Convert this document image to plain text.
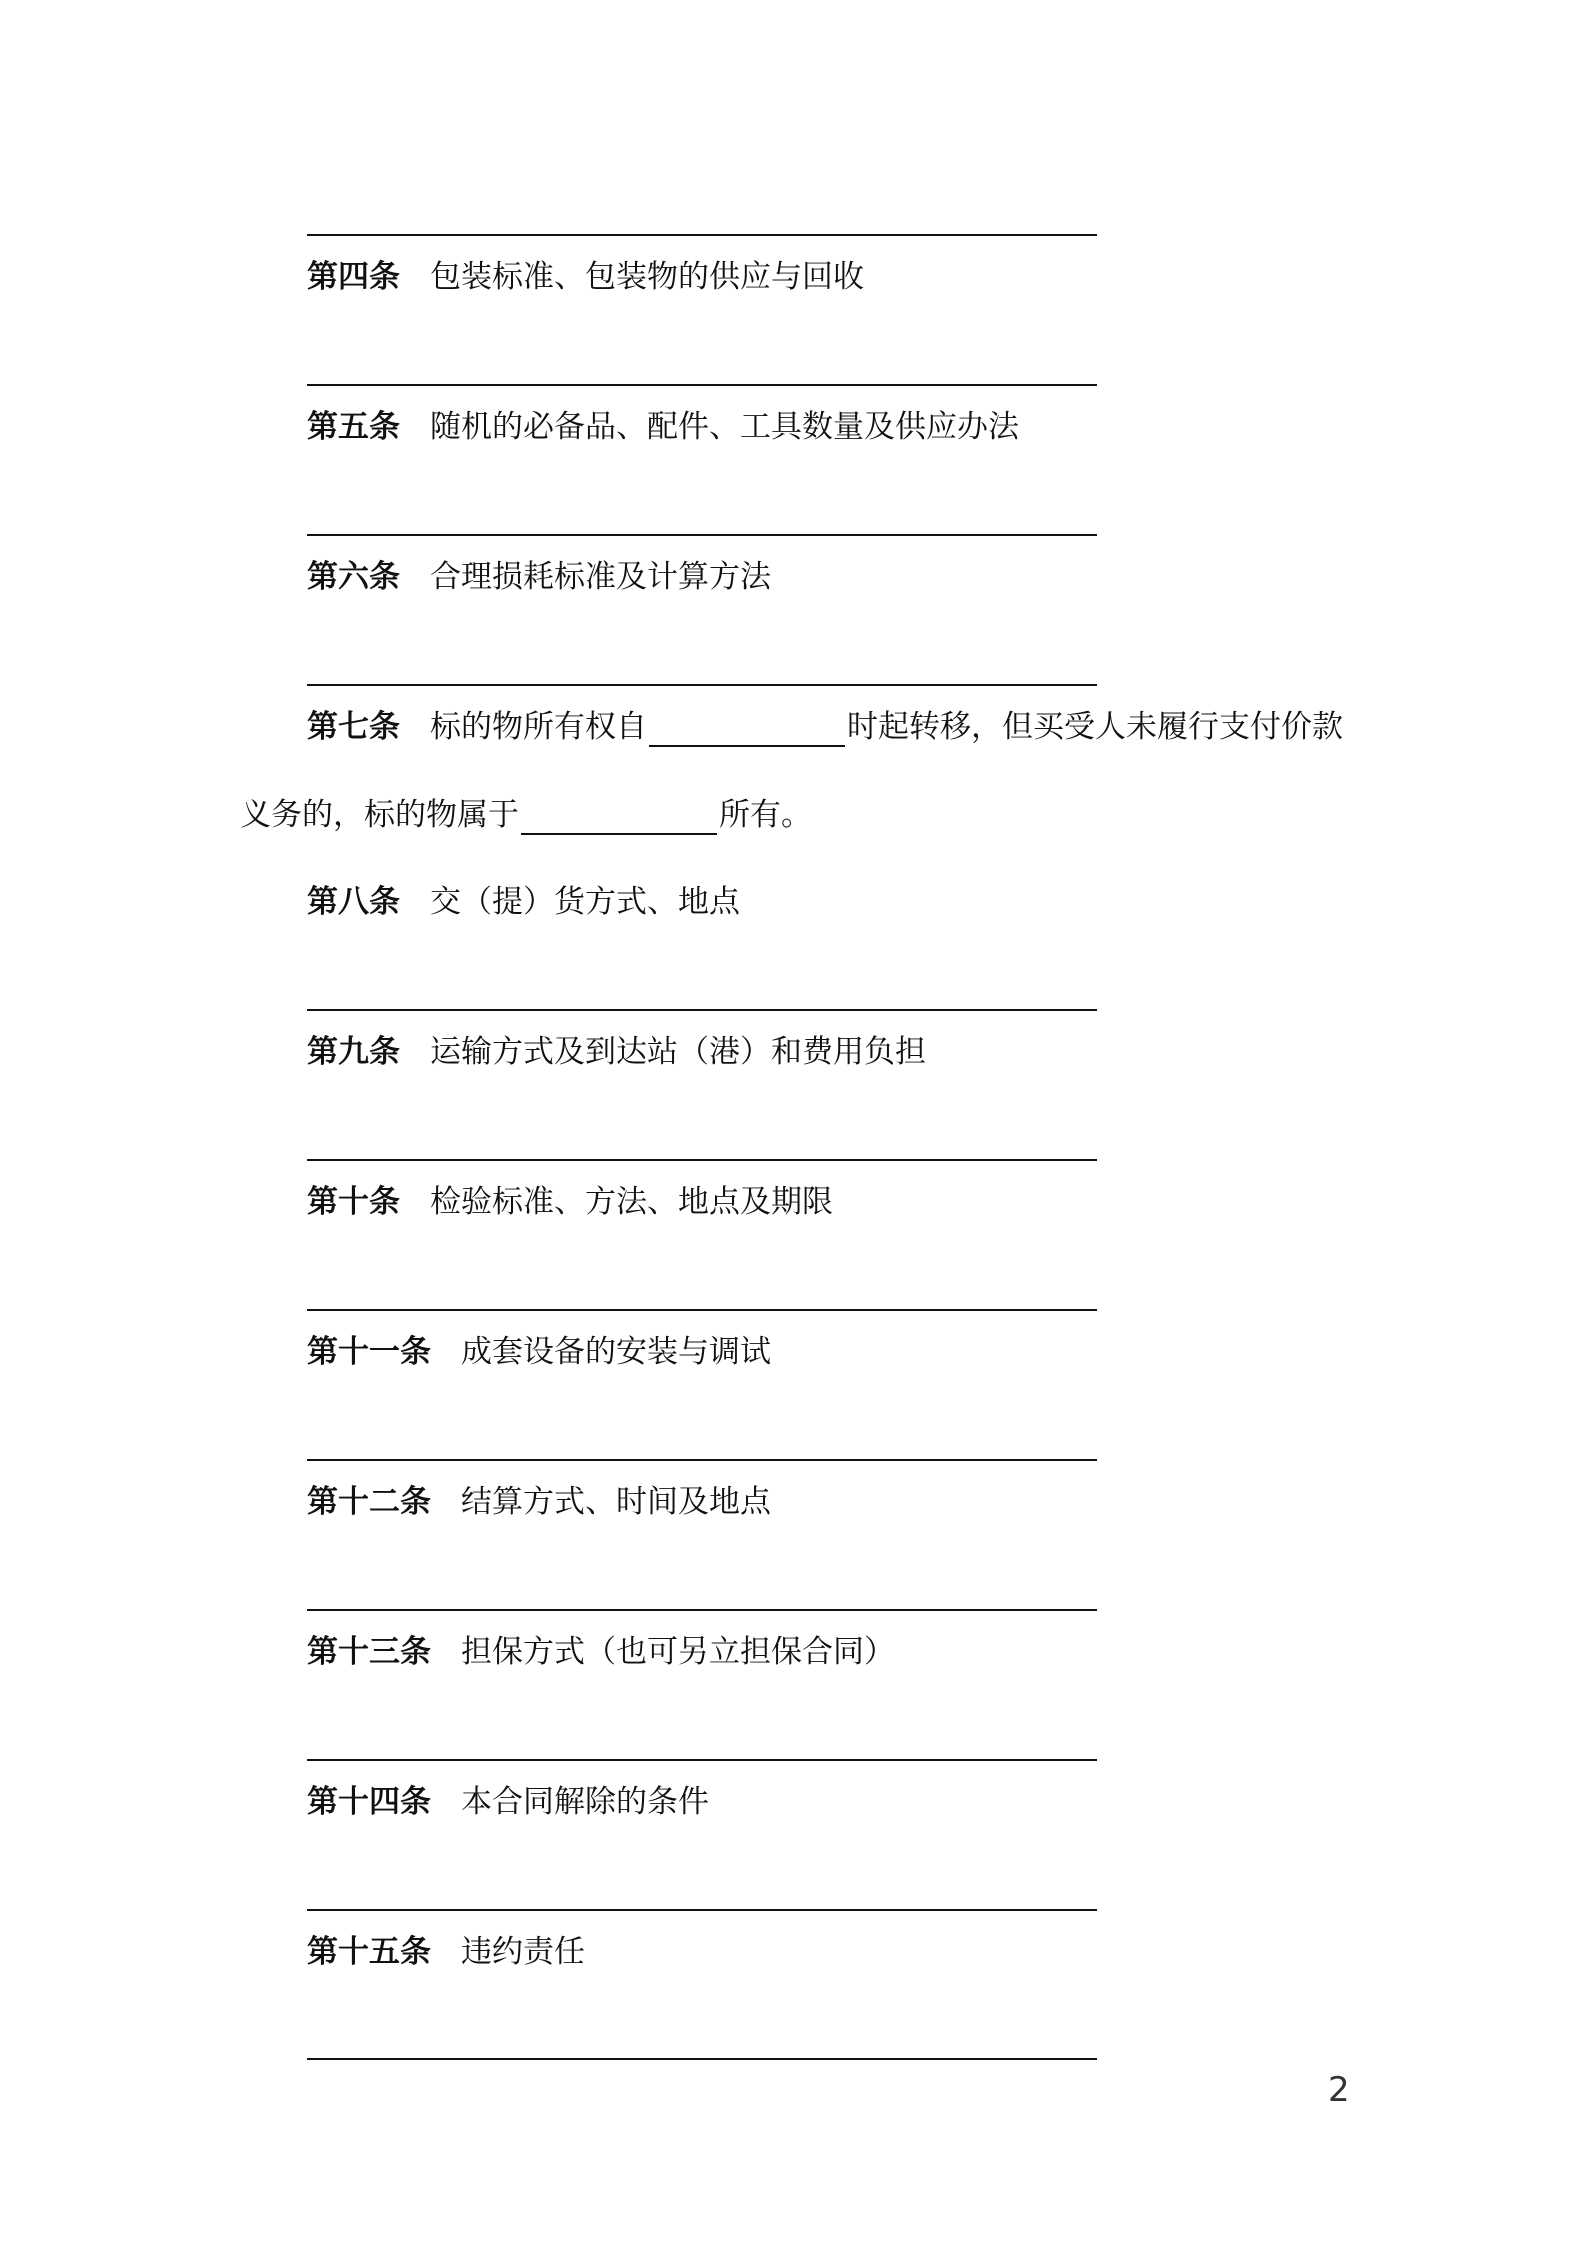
第四条 包装标准、包装物的供应与回收
第五条 随机的必备品、配件、工具数量及供应办法
第六条 合理损耗标准及计算方法
第七条 标的物所有权自	时起转移，但买受人未履行支付价款
义务的，标的物属于	所有。
第八条 交（提）货方式、地点
第九条 运输方式及到达站（港）和费用负担
第十条 检验标准、方法、地点及期限
第十一条 成套设备的安装与调试
第十二条 结算方式、时间及地点
第十三条 担保方式（也可另立担保合同）
第十四条 本合同解除的条件
第十五条 违约责任
2
